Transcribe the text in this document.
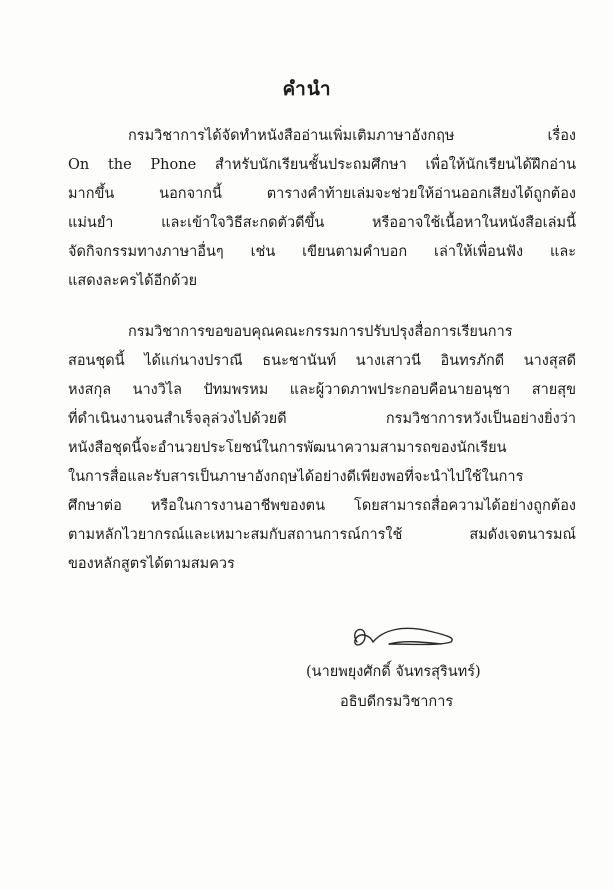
คำนำ
กรมวิชาการได้จัดทำหนังสืออ่านเพิ่มเติมภาษาอังกฤษ เรื่อง
On the Phone สำหรับนักเรียนชั้นประถมศึกษา เพื่อให้นักเรียนได้ฝึกอ่าน
มากขึ้น นอกจากนี้ ตารางคำท้ายเล่มจะช่วยให้อ่านออกเสียงได้ถูกต้อง
แม่นยำ และเข้าใจวิธีสะกดตัวดีขึ้น หรืออาจใช้เนื้อหาในหนังสือเล่มนี้
จัดกิจกรรมทางภาษาอื่นๆ เช่น เขียนตามคำบอก เล่าให้เพื่อนฟัง และ
แสดงละครได้อีกด้วย
กรมวิชาการขอขอบคุณคณะกรรมการปรับปรุงสื่อการเรียนการ
สอนชุดนี้ ได้แก่นางปราณี ธนะชานันท์ นางเสาวนี อินทรภักดี นางสุสดี
หงสกุล นางวิไล ปัทมพรหม และผู้วาดภาพประกอบคือนายอนุชา สายสุข
ที่ดำเนินงานจนสำเร็จลุล่วงไปด้วยดี กรมวิชาการหวังเป็นอย่างยิ่งว่า
หนังสือชุดนี้จะอำนวยประโยชน์ในการพัฒนาความสามารถของนักเรียน
ในการสื่อและรับสารเป็นภาษาอังกฤษได้อย่างดีเพียงพอที่จะนำไปใช้ในการ
ศึกษาต่อ หรือในการงานอาชีพของตน โดยสามารถสื่อความได้อย่างถูกต้อง
ตามหลักไวยากรณ์และเหมาะสมกับสถานการณ์การใช้ สมดังเจตนารมณ์
ของหลักสูตรได้ตามสมควร
(นายพยุงศักดิ์ จันทรสุรินทร์)
อธิบดีกรมวิชาการ
